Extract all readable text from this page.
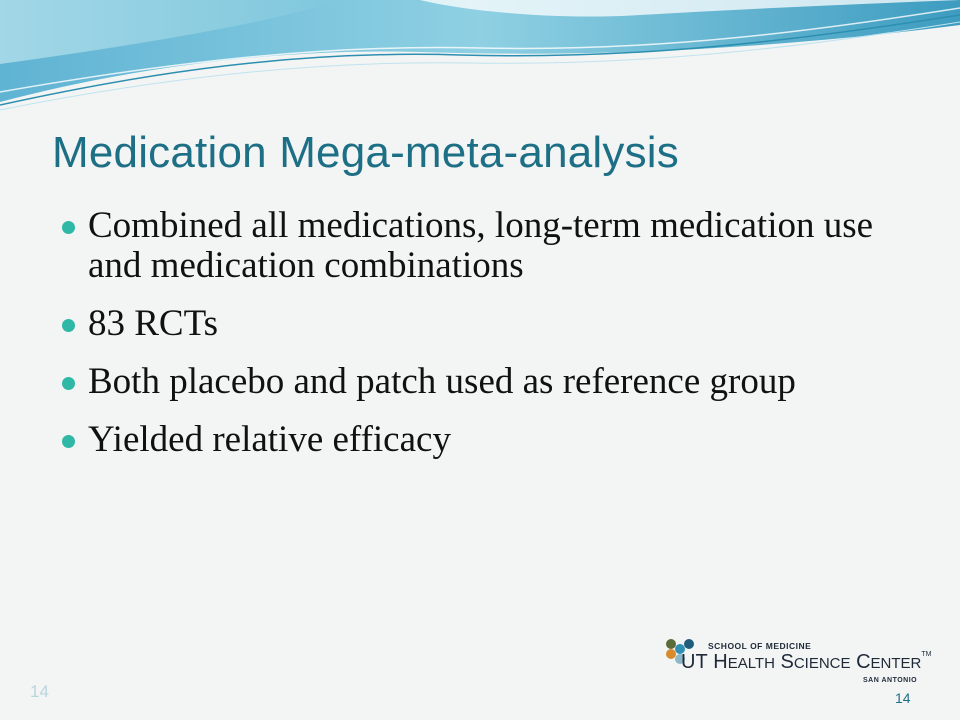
Medication Mega-meta-analysis
Combined all medications, long-term medication use and medication combinations
83 RCTs
Both placebo and patch used as reference group
Yielded relative efficacy
14
SCHOOL OF MEDICINE
UT HEALTH SCIENCE CENTER™
SAN ANTONIO
14
